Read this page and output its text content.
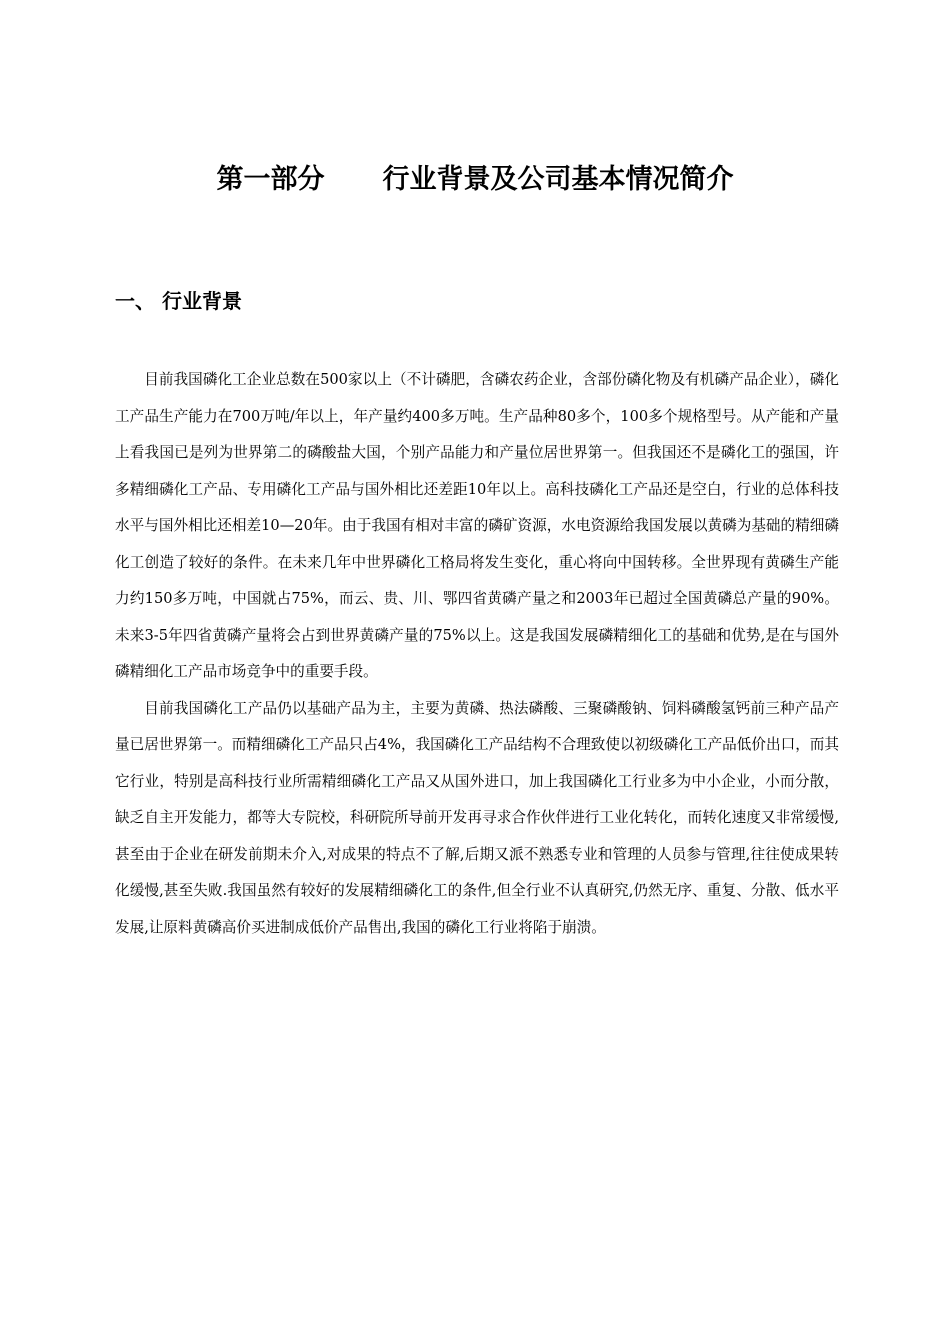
第一部分 行业背景及公司基本情况简介
一、 行业背景

目前我国磷化工企业总数在500家以上（不计磷肥，含磷农药企业，含部份磷化物及有机磷产品企业），磷化工产品生产能力在700万吨/年以上，年产量约400多万吨。生产品种80多个，100多个规格型号。从产能和产量上看我国已是列为世界第二的磷酸盐大国，个别产品能力和产量位居世界第一。但我国还不是磷化工的强国，许多精细磷化工产品、专用磷化工产品与国外相比还差距10年以上。高科技磷化工产品还是空白，行业的总体科技水平与国外相比还相差10—20年。由于我国有相对丰富的磷矿资源，水电资源给我国发展以黄磷为基础的精细磷化工创造了较好的条件。在未来几年中世界磷化工格局将发生变化，重心将向中国转移。全世界现有黄磷生产能力约150多万吨，中国就占75%，而云、贵、川、鄂四省黄磷产量之和2003年已超过全国黄磷总产量的90%。未来3-5年四省黄磷产量将会占到世界黄磷产量的75%以上。这是我国发展磷精细化工的基础和优势,是在与国外磷精细化工产品市场竞争中的重要手段。

目前我国磷化工产品仍以基础产品为主，主要为黄磷、热法磷酸、三聚磷酸钠、饲料磷酸氢钙前三种产品产量已居世界第一。而精细磷化工产品只占4%，我国磷化工产品结构不合理致使以初级磷化工产品低价出口，而其它行业，特别是高科技行业所需精细磷化工产品又从国外进口，加上我国磷化工行业多为中小企业，小而分散，缺乏自主开发能力，都等大专院校，科研院所导前开发再寻求合作伙伴进行工业化转化，而转化速度又非常缓慢,甚至由于企业在研发前期未介入,对成果的特点不了解,后期又派不熟悉专业和管理的人员参与管理,往往使成果转化缓慢,甚至失败.我国虽然有较好的发展精细磷化工的条件,但全行业不认真研究,仍然无序、重复、分散、低水平发展,让原料黄磷高价买进制成低价产品售出,我国的磷化工行业将陷于崩溃。
